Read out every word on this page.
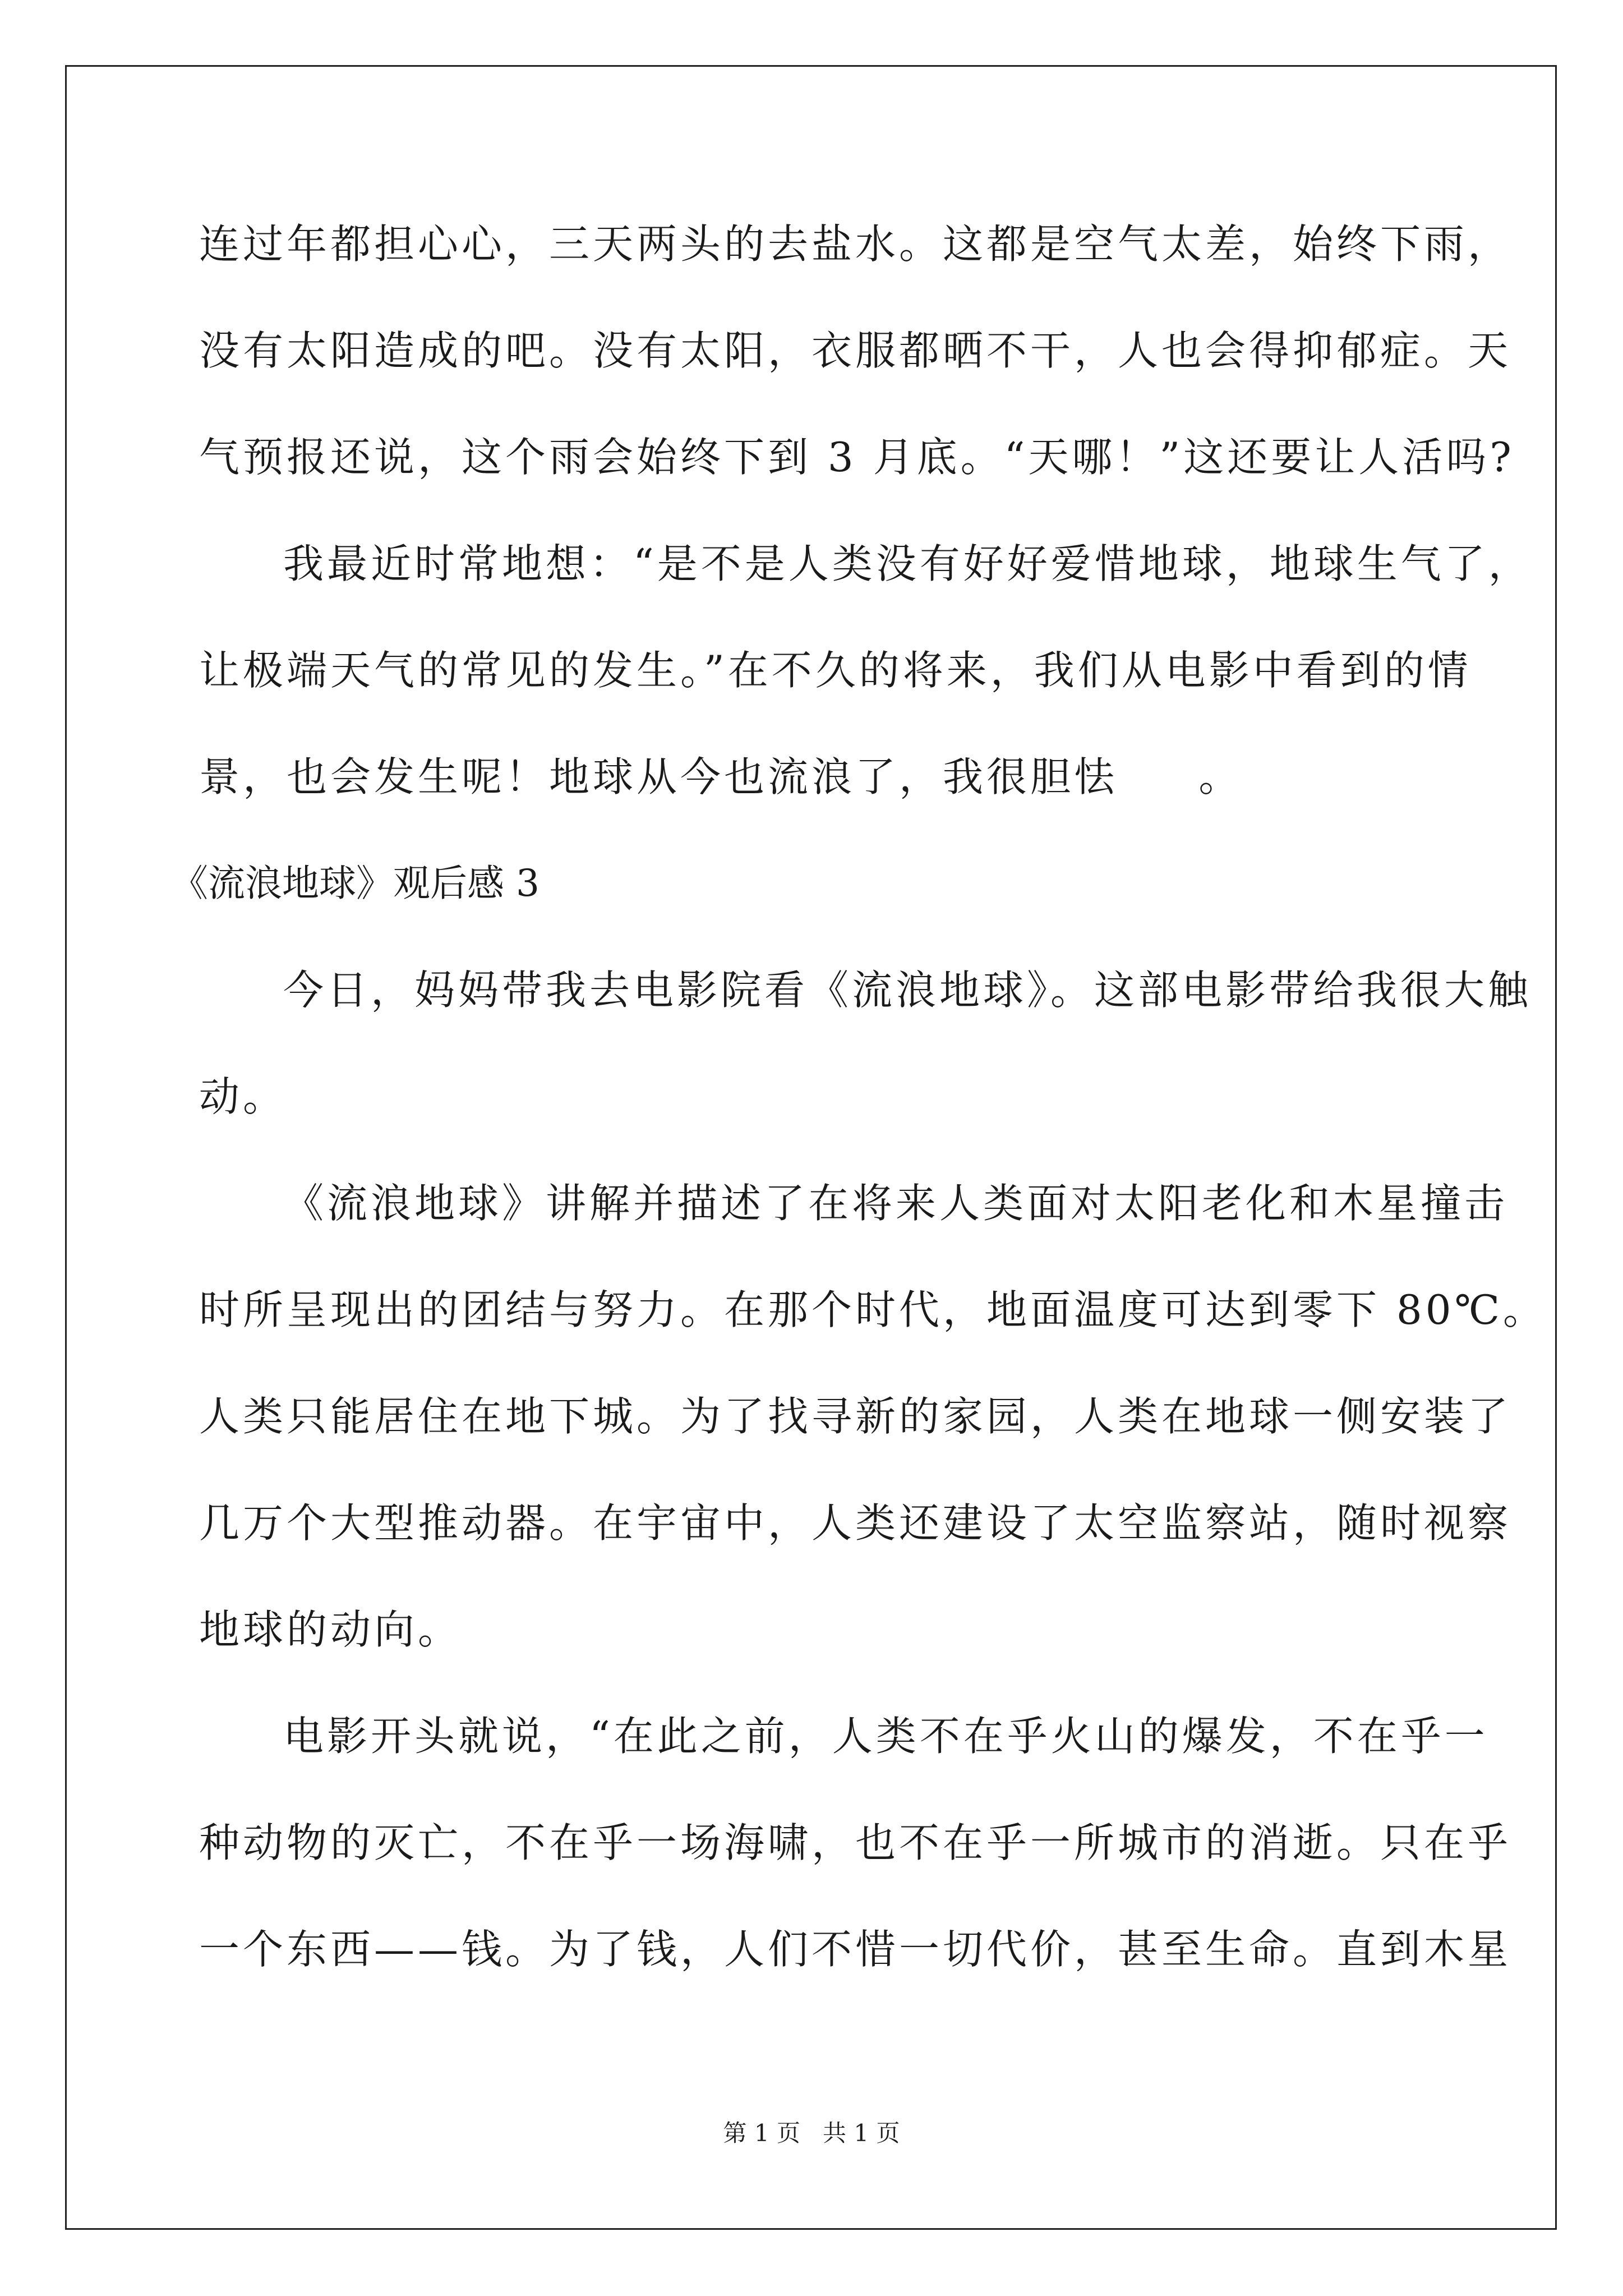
连过年都担心心，三天两头的去盐水。这都是空气太差，始终下雨，
没有太阳造成的吧。没有太阳，衣服都晒不干，人也会得抑郁症。天
气预报还说，这个雨会始终下到 3 月底。“天哪！”这还要让人活吗?
我最近时常地想：“是不是人类没有好好爱惜地球，地球生气了，
让极端天气的常见的发生。”在不久的将来，我们从电影中看到的情
景，也会发生呢！地球从今也流浪了，我很胆怯     。
《流浪地球》观后感 3
今日，妈妈带我去电影院看《流浪地球》。这部电影带给我很大触
动。
《流浪地球》讲解并描述了在将来人类面对太阳老化和木星撞击
时所呈现出的团结与努力。在那个时代，地面温度可达到零下 80℃。
人类只能居住在地下城。为了找寻新的家园，人类在地球一侧安装了
几万个大型推动器。在宇宙中，人类还建设了太空监察站，随时视察
地球的动向。
电影开头就说，“在此之前，人类不在乎火山的爆发，不在乎一
种动物的灭亡，不在乎一场海啸，也不在乎一所城市的消逝。只在乎
一个东西——钱。为了钱，人们不惜一切代价，甚至生命。直到木星
第 1 页   共 1 页
